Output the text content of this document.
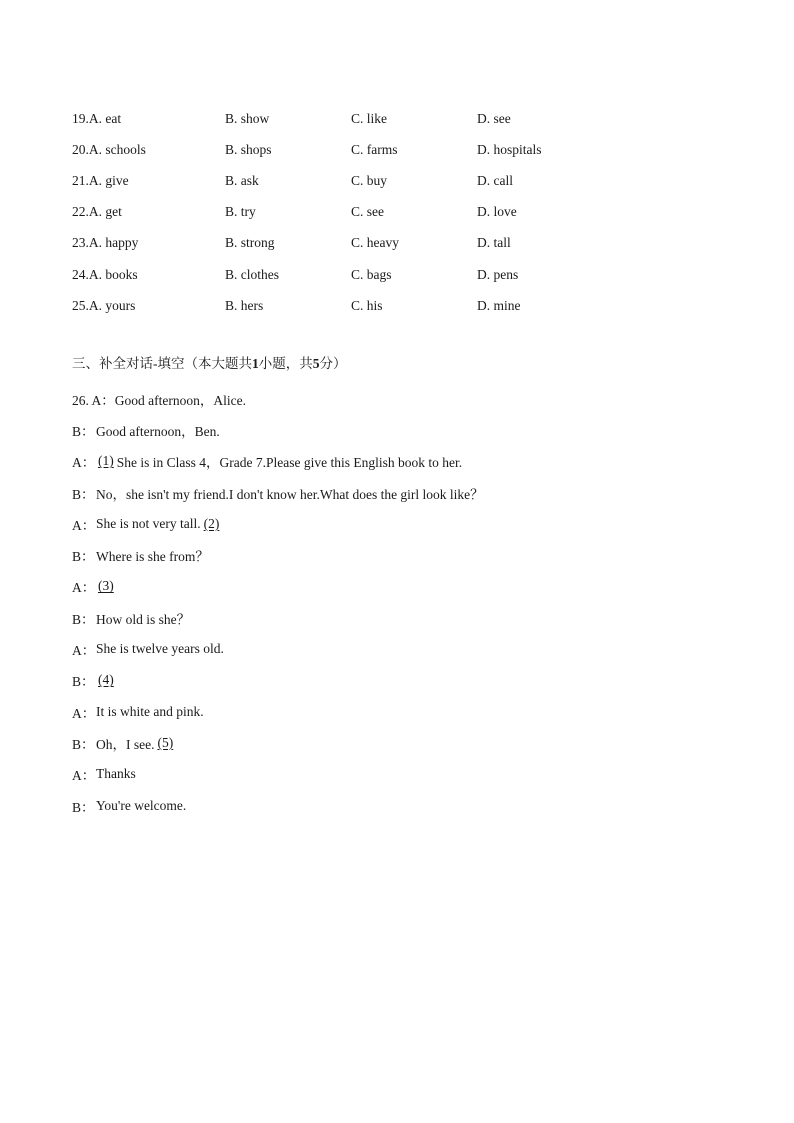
19.A. eat	B. show	C. like	D. see
20.A. schools	B. shops	C. farms	D. hospitals
21.A. give	B. ask	C. buy	D. call
22.A. get	B. try	C. see	D. love
23.A. happy	B. strong	C. heavy	D. tall
24.A. books	B. clothes	C. bags	D. pens
25.A. yours	B. hers	C. his	D. mine
三、补全对话-填空（本大题共1小题，共5分）
26. A： Good afternoon，Alice.
B： Good afternoon，Ben.
A： (1) She is in Class 4，Grade 7.Please give this English book to her.
B： No，she isn't my friend.I don't know her.What does the girl look like？
A： She is not very tall. (2)
B： Where is she from？
A： (3)
B： How old is she？
A： She is twelve years old.
B： (4)
A： It is white and pink.
B： Oh，I see. (5)
A： Thanks
B： You're welcome.
